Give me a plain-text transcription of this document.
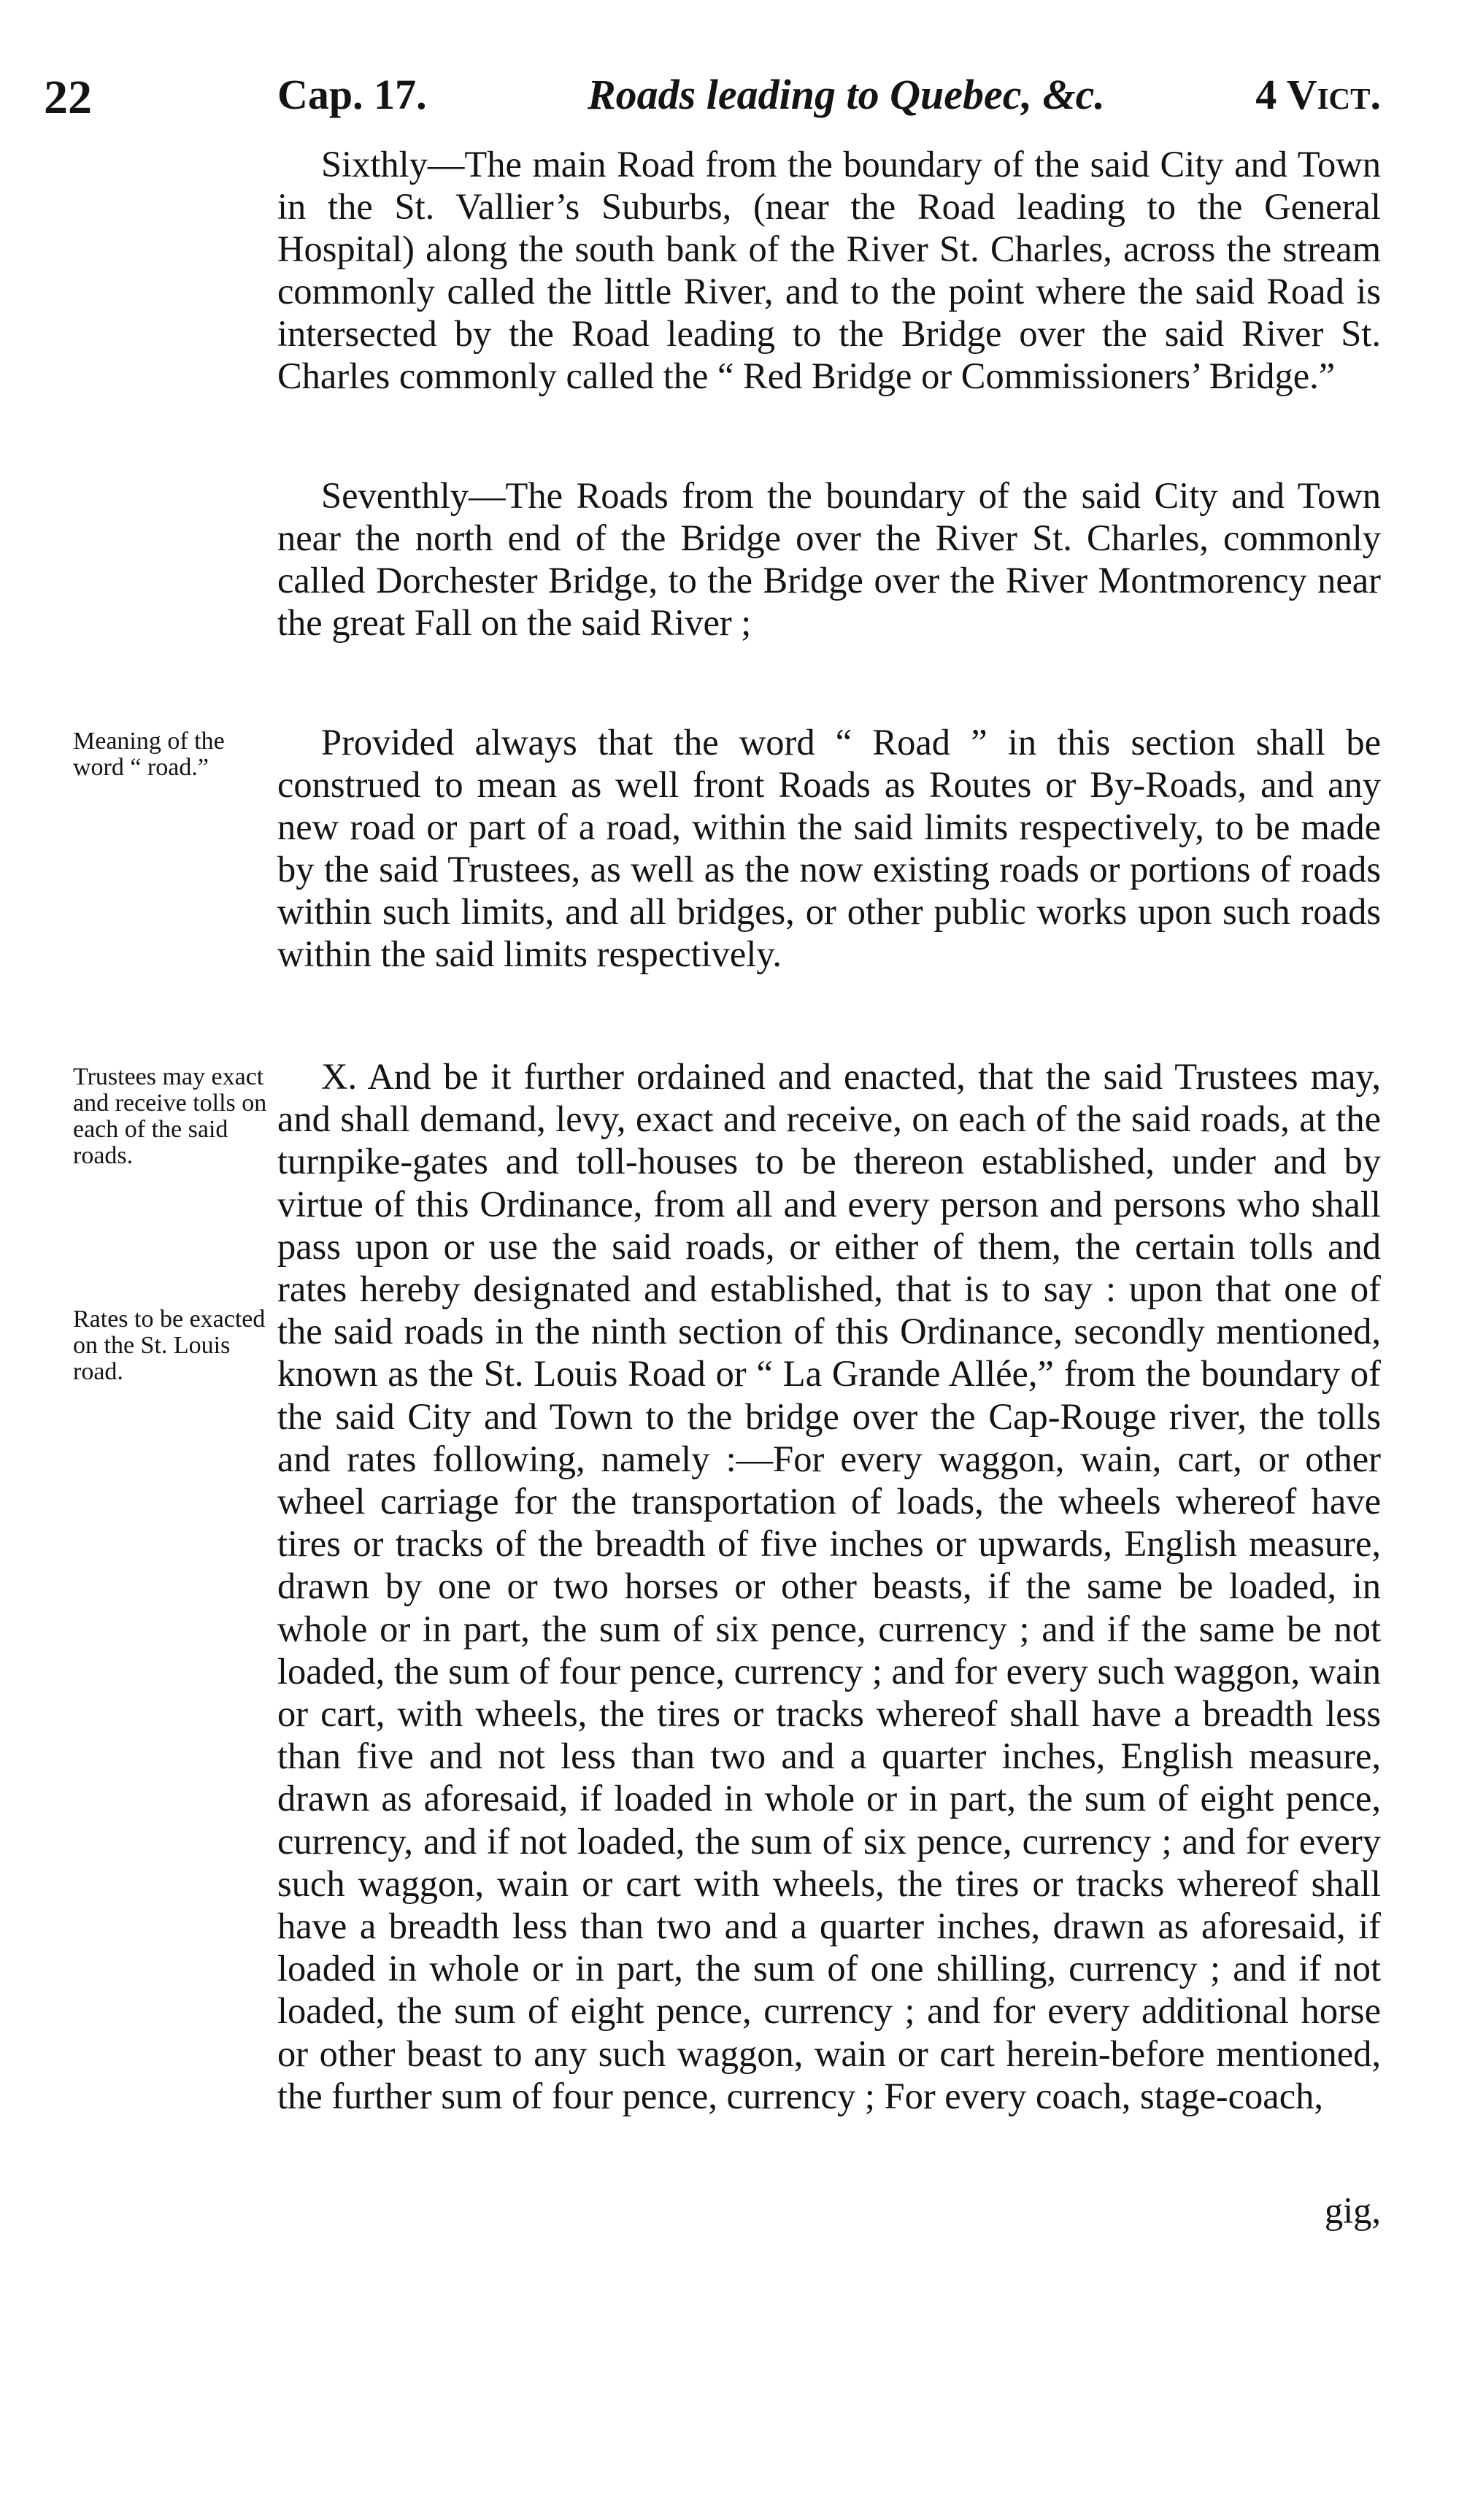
22	Cap. 17.	Roads leading to Quebec, &c.	4 Vict.
Meaning of the word “ road.”
Trustees may exact and receive tolls on each of the said roads.
Rates to be exacted on the St. Louis road.

Sixthly—The main Road from the boundary of the said City and Town in the St. Vallier’s Suburbs, (near the Road leading to the General Hospital) along the south bank of the River St. Charles, across the stream commonly called the little River, and to the point where the said Road is intersected by the Road leading to the Bridge over the said River St. Charles commonly called the “ Red Bridge or Commissioners’ Bridge.”

Seventhly—The Roads from the boundary of the said City and Town near the north end of the Bridge over the River St. Charles, commonly called Dorchester Bridge, to the Bridge over the River Montmorency near the great Fall on the said River ;

Provided always that the word “ Road ” in this section shall be construed to mean as well front Roads as Routes or By-Roads, and any new road or part of a road, within the said limits respectively, to be made by the said Trustees, as well as the now existing roads or portions of roads within such limits, and all bridges, or other public works upon such roads within the said limits respectively.

X. And be it further ordained and enacted, that the said Trustees may, and shall demand, levy, exact and receive, on each of the said roads, at the turnpike-gates and toll-houses to be thereon established, under and by virtue of this Ordinance, from all and every person and persons who shall pass upon or use the said roads, or either of them, the certain tolls and rates hereby designated and established, that is to say : upon that one of the said roads in the ninth section of this Ordinance, secondly mentioned, known as the St. Louis Road or “ La Grande Allée,” from the boundary of the said City and Town to the bridge over the Cap-Rouge river, the tolls and rates following, namely :—For every waggon, wain, cart, or other wheel carriage for the transportation of loads, the wheels whereof have tires or tracks of the breadth of five inches or upwards, English measure, drawn by one or two horses or other beasts, if the same be loaded, in whole or in part, the sum of six pence, currency ; and if the same be not loaded, the sum of four pence, currency ; and for every such waggon, wain or cart, with wheels, the tires or tracks whereof shall have a breadth less than five and not less than two and a quarter inches, English measure, drawn as aforesaid, if loaded in whole or in part, the sum of eight pence, currency, and if not loaded, the sum of six pence, currency ; and for every such waggon, wain or cart with wheels, the tires or tracks whereof shall have a breadth less than two and a quarter inches, drawn as aforesaid, if loaded in whole or in part, the sum of one shilling, currency ; and if not loaded, the sum of eight pence, currency ; and for every additional horse or other beast to any such waggon, wain or cart herein-before mentioned, the further sum of four pence, currency ; For every coach, stage-coach,

gig,
